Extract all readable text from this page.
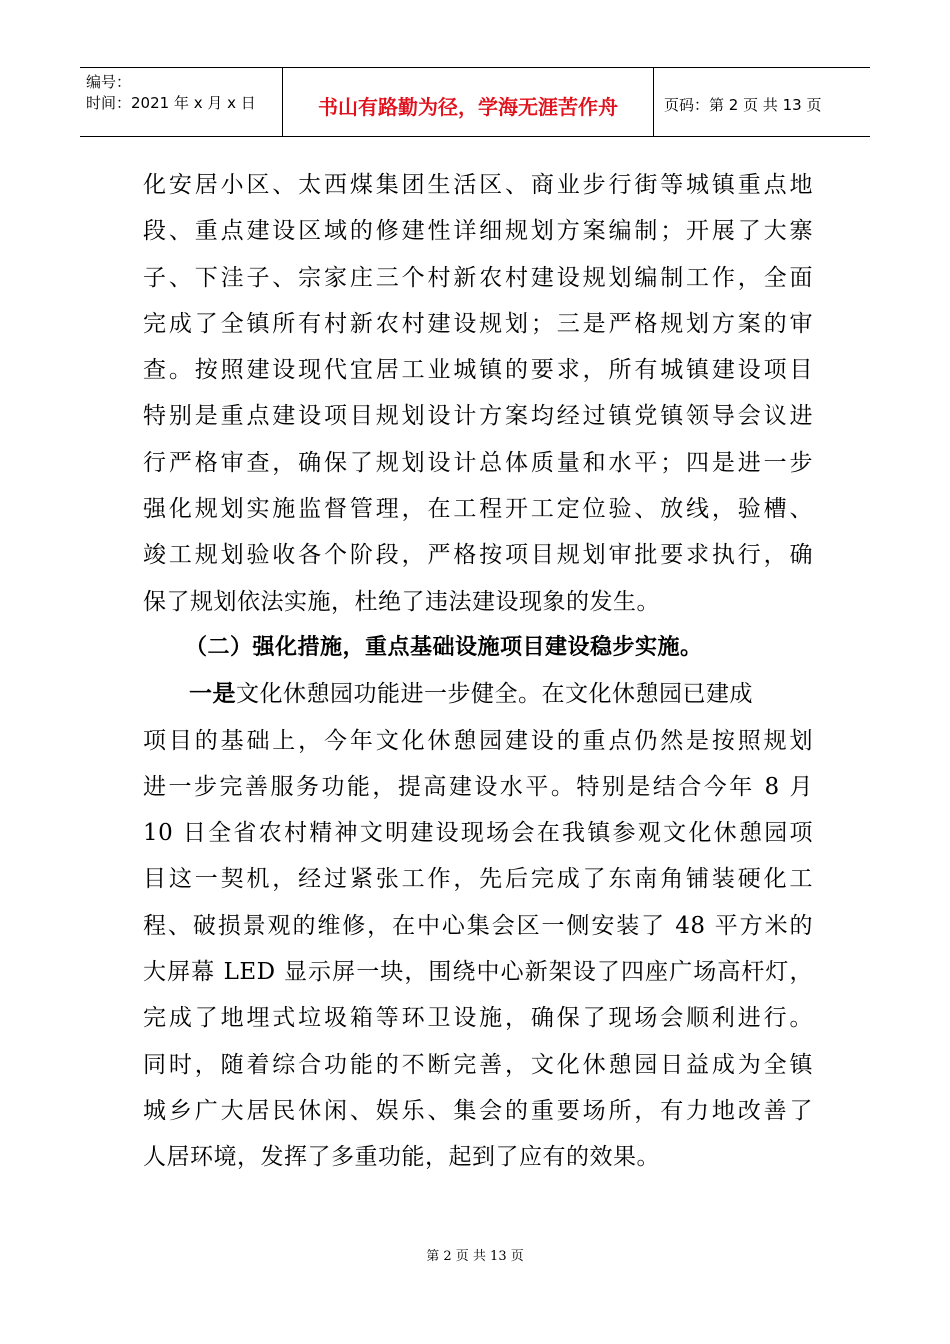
编号：
时间：2021 年 x 月 x 日	书山有路勤为径，学海无涯苦作舟	页码：第 2 页 共 13 页
化安居小区、太西煤集团生活区、商业步行街等城镇重点地
段、重点建设区域的修建性详细规划方案编制；开展了大寨
子、下洼子、宗家庄三个村新农村建设规划编制工作，全面
完成了全镇所有村新农村建设规划；三是严格规划方案的审
查。按照建设现代宜居工业城镇的要求，所有城镇建设项目
特别是重点建设项目规划设计方案均经过镇党镇领导会议进
行严格审查，确保了规划设计总体质量和水平；四是进一步
强化规划实施监督管理，在工程开工定位验、放线，验槽、
竣工规划验收各个阶段，严格按项目规划审批要求执行，确
保了规划依法实施，杜绝了违法建设现象的发生。
（二）强化措施，重点基础设施项目建设稳步实施。
一是文化休憩园功能进一步健全。在文化休憩园已建成
项目的基础上，今年文化休憩园建设的重点仍然是按照规划
进一步完善服务功能，提高建设水平。特别是结合今年 8 月
10 日全省农村精神文明建设现场会在我镇参观文化休憩园项
目这一契机，经过紧张工作，先后完成了东南角铺装硬化工
程、破损景观的维修，在中心集会区一侧安装了 48 平方米的
大屏幕 LED 显示屏一块，围绕中心新架设了四座广场高杆灯，
完成了地埋式垃圾箱等环卫设施，确保了现场会顺利进行。
同时，随着综合功能的不断完善，文化休憩园日益成为全镇
城乡广大居民休闲、娱乐、集会的重要场所，有力地改善了
人居环境，发挥了多重功能，起到了应有的效果。
第 2 页 共 13 页
